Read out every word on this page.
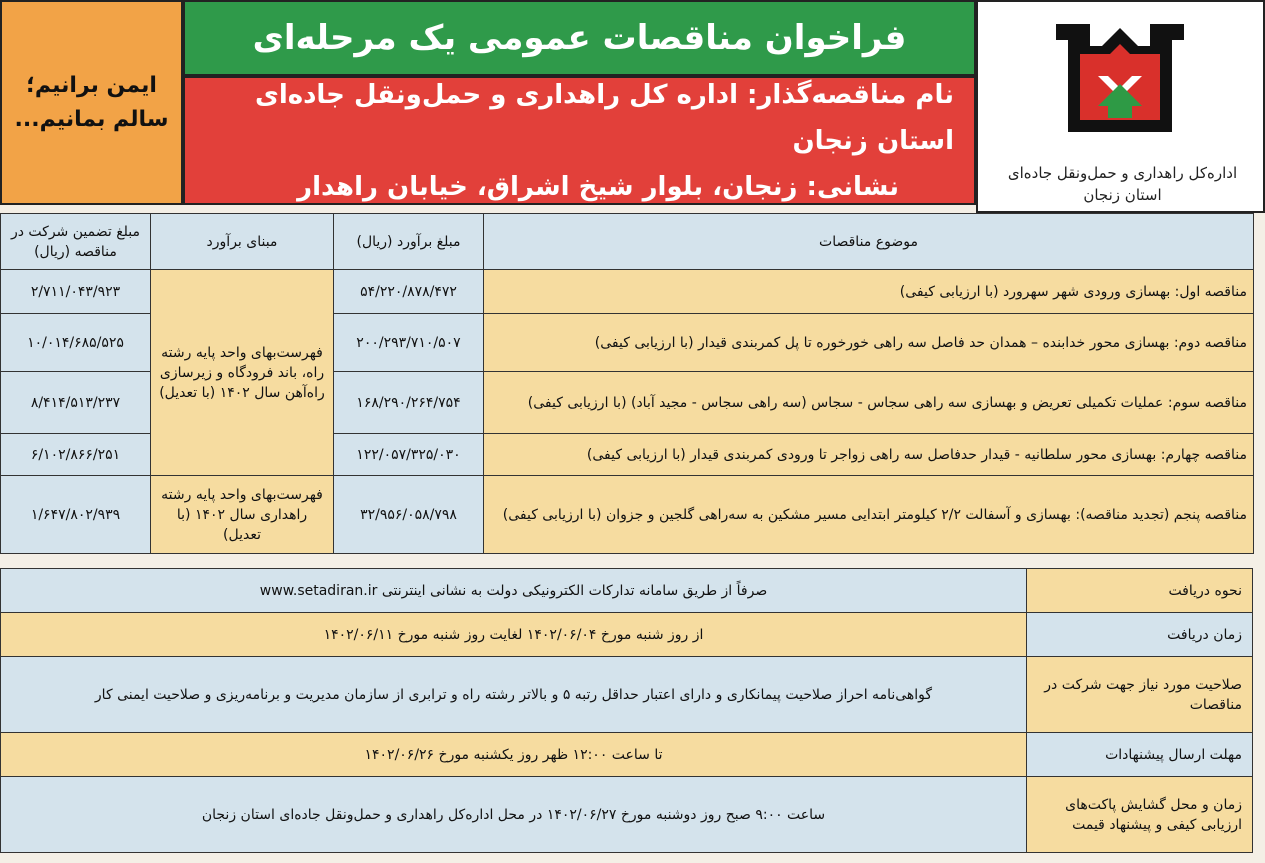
ایمن برانیم؛
سالم بمانیم...
فراخوان مناقصات عمومی یک مرحله‌ای
نام مناقصه‌گذار: اداره کل راهداری و حمل‌ونقل جاده‌ای استان زنجان
نشانی: زنجان، بلوار شیخ اشراق، خیابان راهدار	اداره‌کل راهداری و حمل‌ونقل جاده‌ای
استان زنجان
موضوع مناقصات	مبلغ برآورد (ریال)	مبنای برآورد	مبلغ تضمین شرکت در مناقصه (ریال)
مناقصه اول: بهسازی ورودی شهر سهرورد (با ارزیابی کیفی)	۵۴/۲۲۰/۸۷۸/۴۷۲	فهرست‌بهای واحد پایه رشته راه، باند فرودگاه و زیرسازی راه‌آهن سال ۱۴۰۲ (با تعدیل)	۲/۷۱۱/۰۴۳/۹۲۳
مناقصه دوم: بهسازی محور خدابنده – همدان حد فاصل سه راهی خورخوره تا پل کمربندی قیدار (با ارزیابی کیفی)	۲۰۰/۲۹۳/۷۱۰/۵۰۷		۱۰/۰۱۴/۶۸۵/۵۲۵
مناقصه سوم: عملیات تکمیلی تعریض و بهسازی سه راهی سجاس - سجاس (سه راهی سجاس - مجید آباد) (با ارزیابی کیفی)	۱۶۸/۲۹۰/۲۶۴/۷۵۴		۸/۴۱۴/۵۱۳/۲۳۷
مناقصه چهارم: بهسازی محور سلطانیه - قیدار حدفاصل سه راهی زواجر تا ورودی کمربندی قیدار (با ارزیابی کیفی)	۱۲۲/۰۵۷/۳۲۵/۰۳۰		۶/۱۰۲/۸۶۶/۲۵۱
مناقصه پنجم (تجدید مناقصه): بهسازی و آسفالت ۲/۲ کیلومتر ابتدایی مسیر مشکین به سه‌راهی گلجین و جزوان (با ارزیابی کیفی)	۳۲/۹۵۶/۰۵۸/۷۹۸	فهرست‌بهای واحد پایه رشته راهداری سال ۱۴۰۲ (با تعدیل)	۱/۶۴۷/۸۰۲/۹۳۹
نحوه دریافت	صرفاً از طریق سامانه تدارکات الکترونیکی دولت به نشانی اینترنتی www.setadiran.ir
زمان دریافت	از روز شنبه مورخ ۱۴۰۲/۰۶/۰۴ لغایت روز شنبه مورخ ۱۴۰۲/۰۶/۱۱
صلاحیت مورد نیاز جهت شرکت در مناقصات	گواهی‌نامه احراز صلاحیت پیمانکاری و دارای اعتبار حداقل رتبه ۵ و بالاتر رشته راه و ترابری از سازمان مدیریت و برنامه‌ریزی و صلاحیت ایمنی کار
مهلت ارسال پیشنهادات	تا ساعت ۱۲:۰۰ ظهر روز یکشنبه مورخ ۱۴۰۲/۰۶/۲۶
زمان و محل گشایش پاکت‌های ارزیابی کیفی و پیشنهاد قیمت	ساعت ۹:۰۰ صبح روز دوشنبه مورخ ۱۴۰۲/۰۶/۲۷ در محل اداره‌کل راهداری و حمل‌ونقل جاده‌ای استان زنجان
